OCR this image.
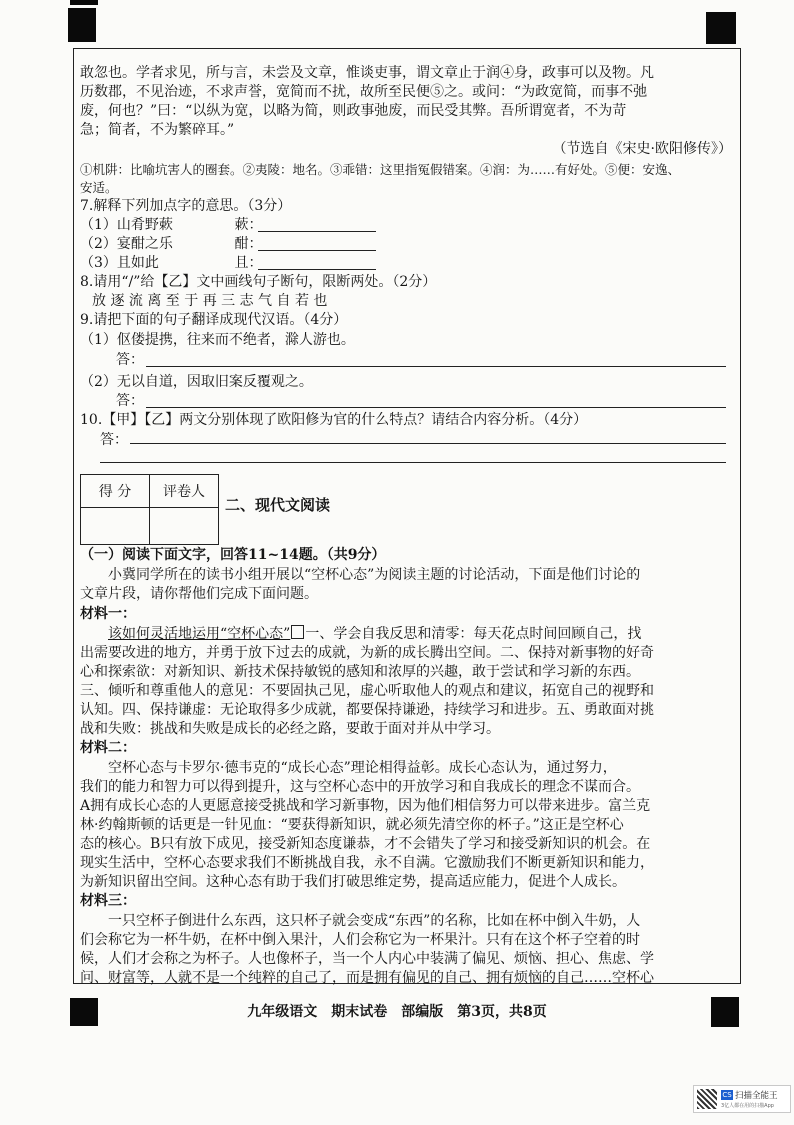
敢忽也。学者求见，所与言，未尝及文章，惟谈吏事，谓文章止于润④身，政事可以及物。凡
历数郡，不见治迹，不求声誉，宽简而不扰，故所至民便⑤之。或问：“为政宽简，而事不弛
废，何也？”曰：“以纵为宽，以略为简，则政事弛废，而民受其弊。吾所谓宽者，不为苛
急；简者，不为繁碎耳。”
（节选自《宋史·欧阳修传》）
①机阱：比喻坑害人的圈套。②夷陵：地名。③乖错：这里指冤假错案。④润：为……有好处。⑤便：安逸、
安适。
7.解释下列加点字的意思。（3分）
（1）山肴野蔌	蔌：
（2）宴酣之乐	酣：
（3）且如此	且：
8.请用“/”给【乙】文中画线句子断句，限断两处。（2分）
放 逐 流 离 至 于 再 三 志 气 自 若 也
9.请把下面的句子翻译成现代汉语。（4分）
（1）伛偻提携，往来而不绝者，滁人游也。
答：
（2）无以自道，因取旧案反覆观之。
答：
10.【甲】【乙】两文分别体现了欧阳修为官的什么特点？请结合内容分析。（4分）
答：
得 分	评卷人

二、现代文阅读
（一）阅读下面文字，回答11~14题。（共9分）
小冀同学所在的读书小组开展以“空杯心态”为阅读主题的讨论活动，下面是他们讨论的
文章片段，请你帮他们完成下面问题。
材料一：
该如何灵活地运用“空杯心态” 一、学会自我反思和清零：每天花点时间回顾自己，找
出需要改进的地方，并勇于放下过去的成就，为新的成长腾出空间。二、保持对新事物的好奇
心和探索欲：对新知识、新技术保持敏锐的感知和浓厚的兴趣，敢于尝试和学习新的东西。
三、倾听和尊重他人的意见：不要固执己见，虚心听取他人的观点和建议，拓宽自己的视野和
认知。四、保持谦虚：无论取得多少成就，都要保持谦逊，持续学习和进步。五、勇敢面对挑
战和失败：挑战和失败是成长的必经之路，要敢于面对并从中学习。
材料二：
空杯心态与卡罗尔·德韦克的“成长心态”理论相得益彰。成长心态认为，通过努力，
我们的能力和智力可以得到提升，这与空杯心态中的开放学习和自我成长的理念不谋而合。
A拥有成长心态的人更愿意接受挑战和学习新事物，因为他们相信努力可以带来进步。富兰克
林·约翰斯顿的话更是一针见血：“要获得新知识，就必须先清空你的杯子。”这正是空杯心
态的核心。B只有放下成见，接受新知态度谦恭，才不会错失了学习和接受新知识的机会。在
现实生活中，空杯心态要求我们不断挑战自我，永不自满。它激励我们不断更新知识和能力，
为新知识留出空间。这种心态有助于我们打破思维定势，提高适应能力，促进个人成长。
材料三：
一只空杯子倒进什么东西，这只杯子就会变成“东西”的名称，比如在杯中倒入牛奶，人
们会称它为一杯牛奶，在杯中倒入果汁，人们会称它为一杯果汁。只有在这个杯子空着的时
候，人们才会称之为杯子。人也像杯子，当一个人内心中装满了偏见、烦恼、担心、焦虑、学
问、财富等，人就不是一个纯粹的自己了，而是拥有偏见的自己、拥有烦恼的自己……空杯心
九年级语文　期末试卷　部编版　第3页，共8页
CS 扫描全能王
3亿人都在用的扫描App
